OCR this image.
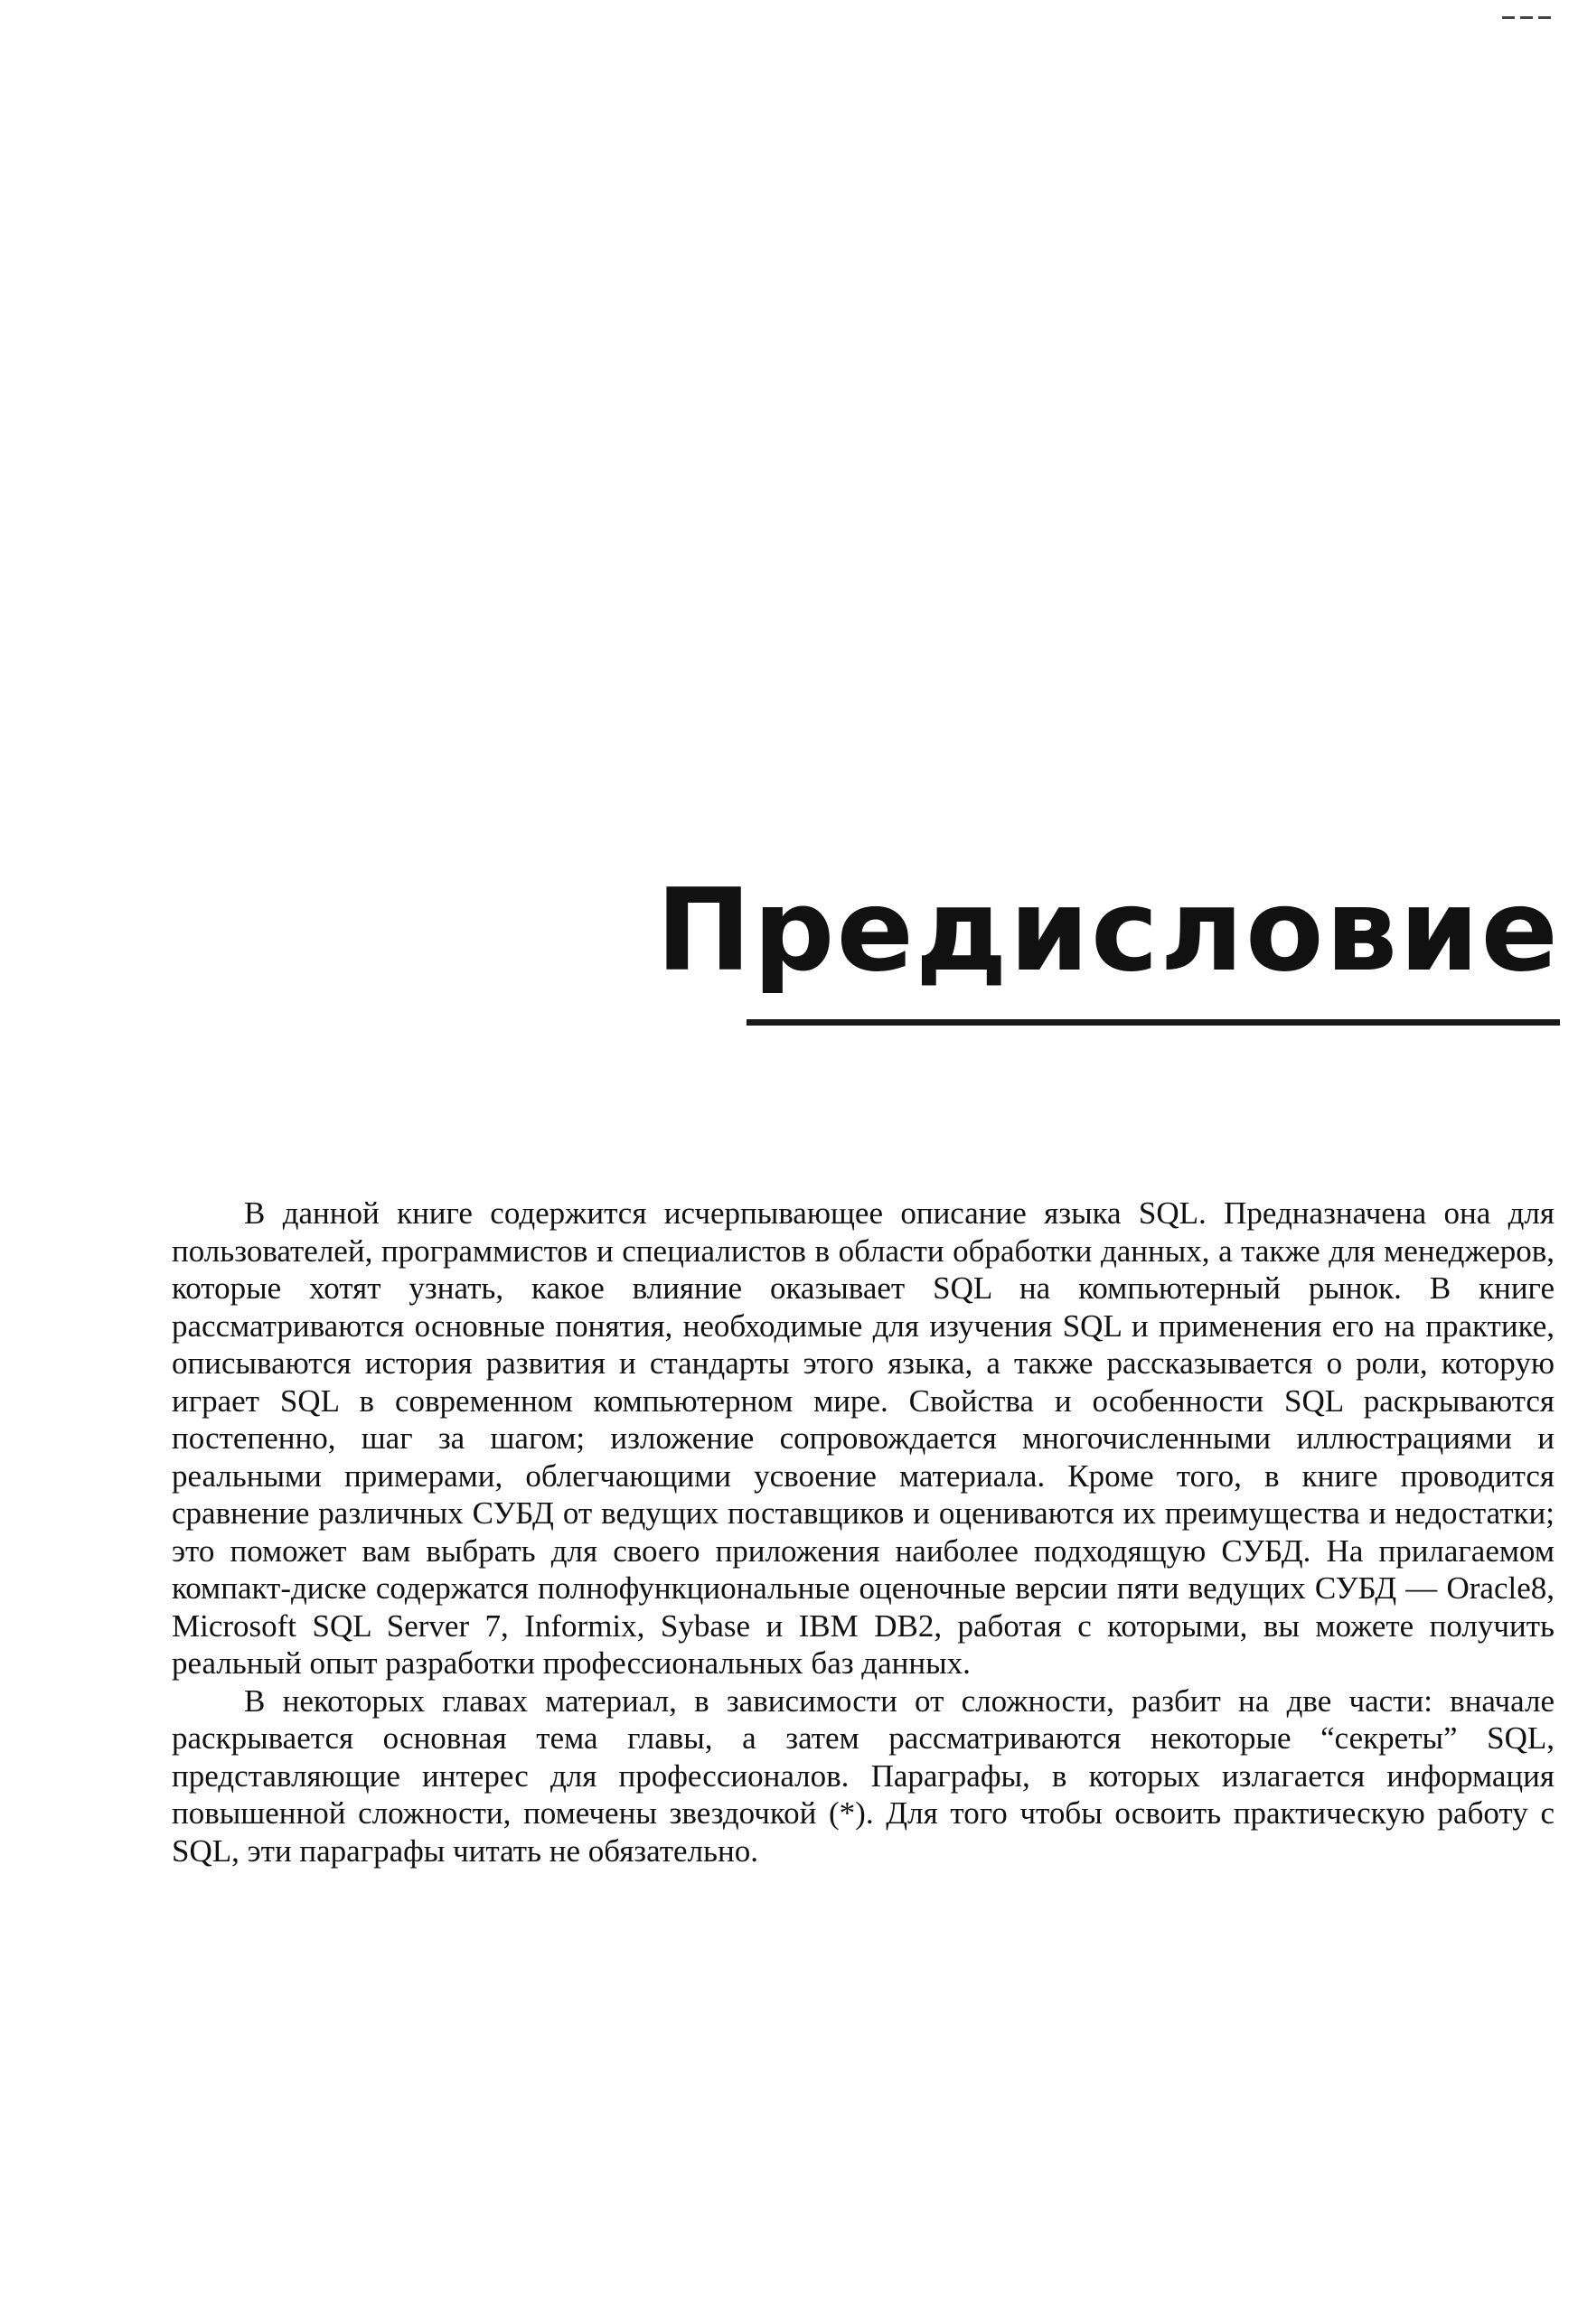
Предисловие

В данной книге содержится исчерпывающее описание языка SQL. Предназначена она для пользователей, программистов и специалистов в области обработки данных, а также для менеджеров, которые хотят узнать, какое влияние оказывает SQL на компьютерный рынок. В книге рассматриваются основные понятия, необходимые для изучения SQL и применения его на практике, описываются история развития и стандарты этого языка, а также рассказывается о роли, которую играет SQL в современном компьютерном мире. Свойства и особенности SQL раскрываются постепенно, шаг за шагом; изложение сопровождается многочисленными иллюстрациями и реальными примерами, облегчающими усвоение материала. Кроме того, в книге проводится сравнение различных СУБД от ведущих поставщиков и оцениваются их преимущества и недостатки; это поможет вам выбрать для своего приложения наиболее подходящую СУБД. На прилагаемом компакт-диске содержатся полнофункциональные оценочные версии пяти ведущих СУБД — Oracle8, Microsoft SQL Server 7, Informix, Sybase и IBM DB2, работая с которыми, вы можете получить реальный опыт разработки профессиональных баз данных.

В некоторых главах материал, в зависимости от сложности, разбит на две части: вначале раскрывается основная тема главы, а затем рассматриваются некоторые “секреты” SQL, представляющие интерес для профессионалов. Параграфы, в которых излагается информация повышенной сложности, помечены звездочкой (*). Для того чтобы освоить практическую работу с SQL, эти параграфы читать не обязательно.
